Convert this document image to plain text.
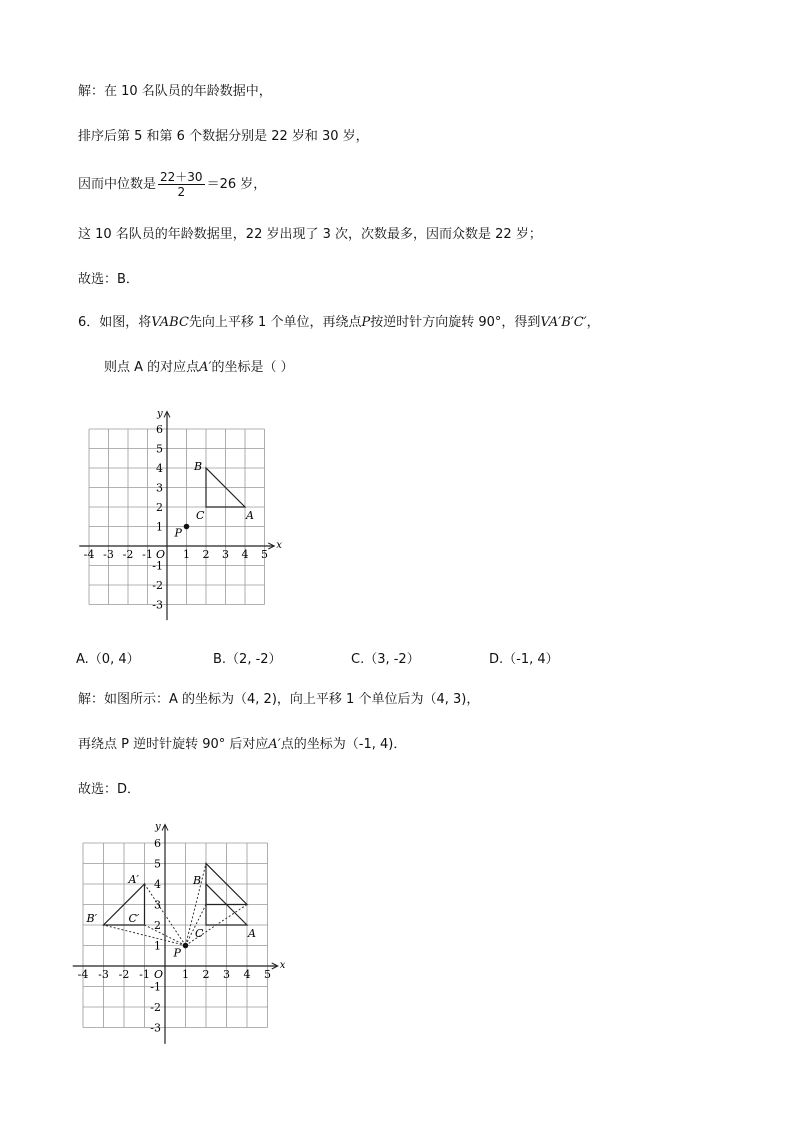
解：在 10 名队员的年龄数据中，
排序后第 5 和第 6 个数据分别是 22 岁和 30 岁，
因而中位数是 $\frac{22+30}{2} =26$ 岁，
这 10 名队员的年龄数据里，22 岁出现了 3 次，次数最多，因而众数是 22 岁；
故选：B．
6．如图，将VABC先向上平移 1 个单位，再绕点P按逆时针方向旋转 90°，得到VA′B′C′，
则点 A 的对应点A′的坐标是（ ）
x
y
O
-4 -3 -2 -1	1 2 3 4 5
6
5
4
3
2
1
-1
-2
-3
A
B
C
P
A.（0, 4）	B.（2, -2）	C.（3, -2）	D.（-1, 4）
解：如图所示：A 的坐标为（4, 2)，向上平移 1 个单位后为（4, 3)，
再绕点 P 逆时针旋转 90° 后对应A′点的坐标为（-1, 4)．
故选：D．
x
y
O
-4 -3 -2 -1	1 2 3 4 5
6
5
4
3
2
1
-1
-2
-3
A
B
C
P
A′
B′	C′
